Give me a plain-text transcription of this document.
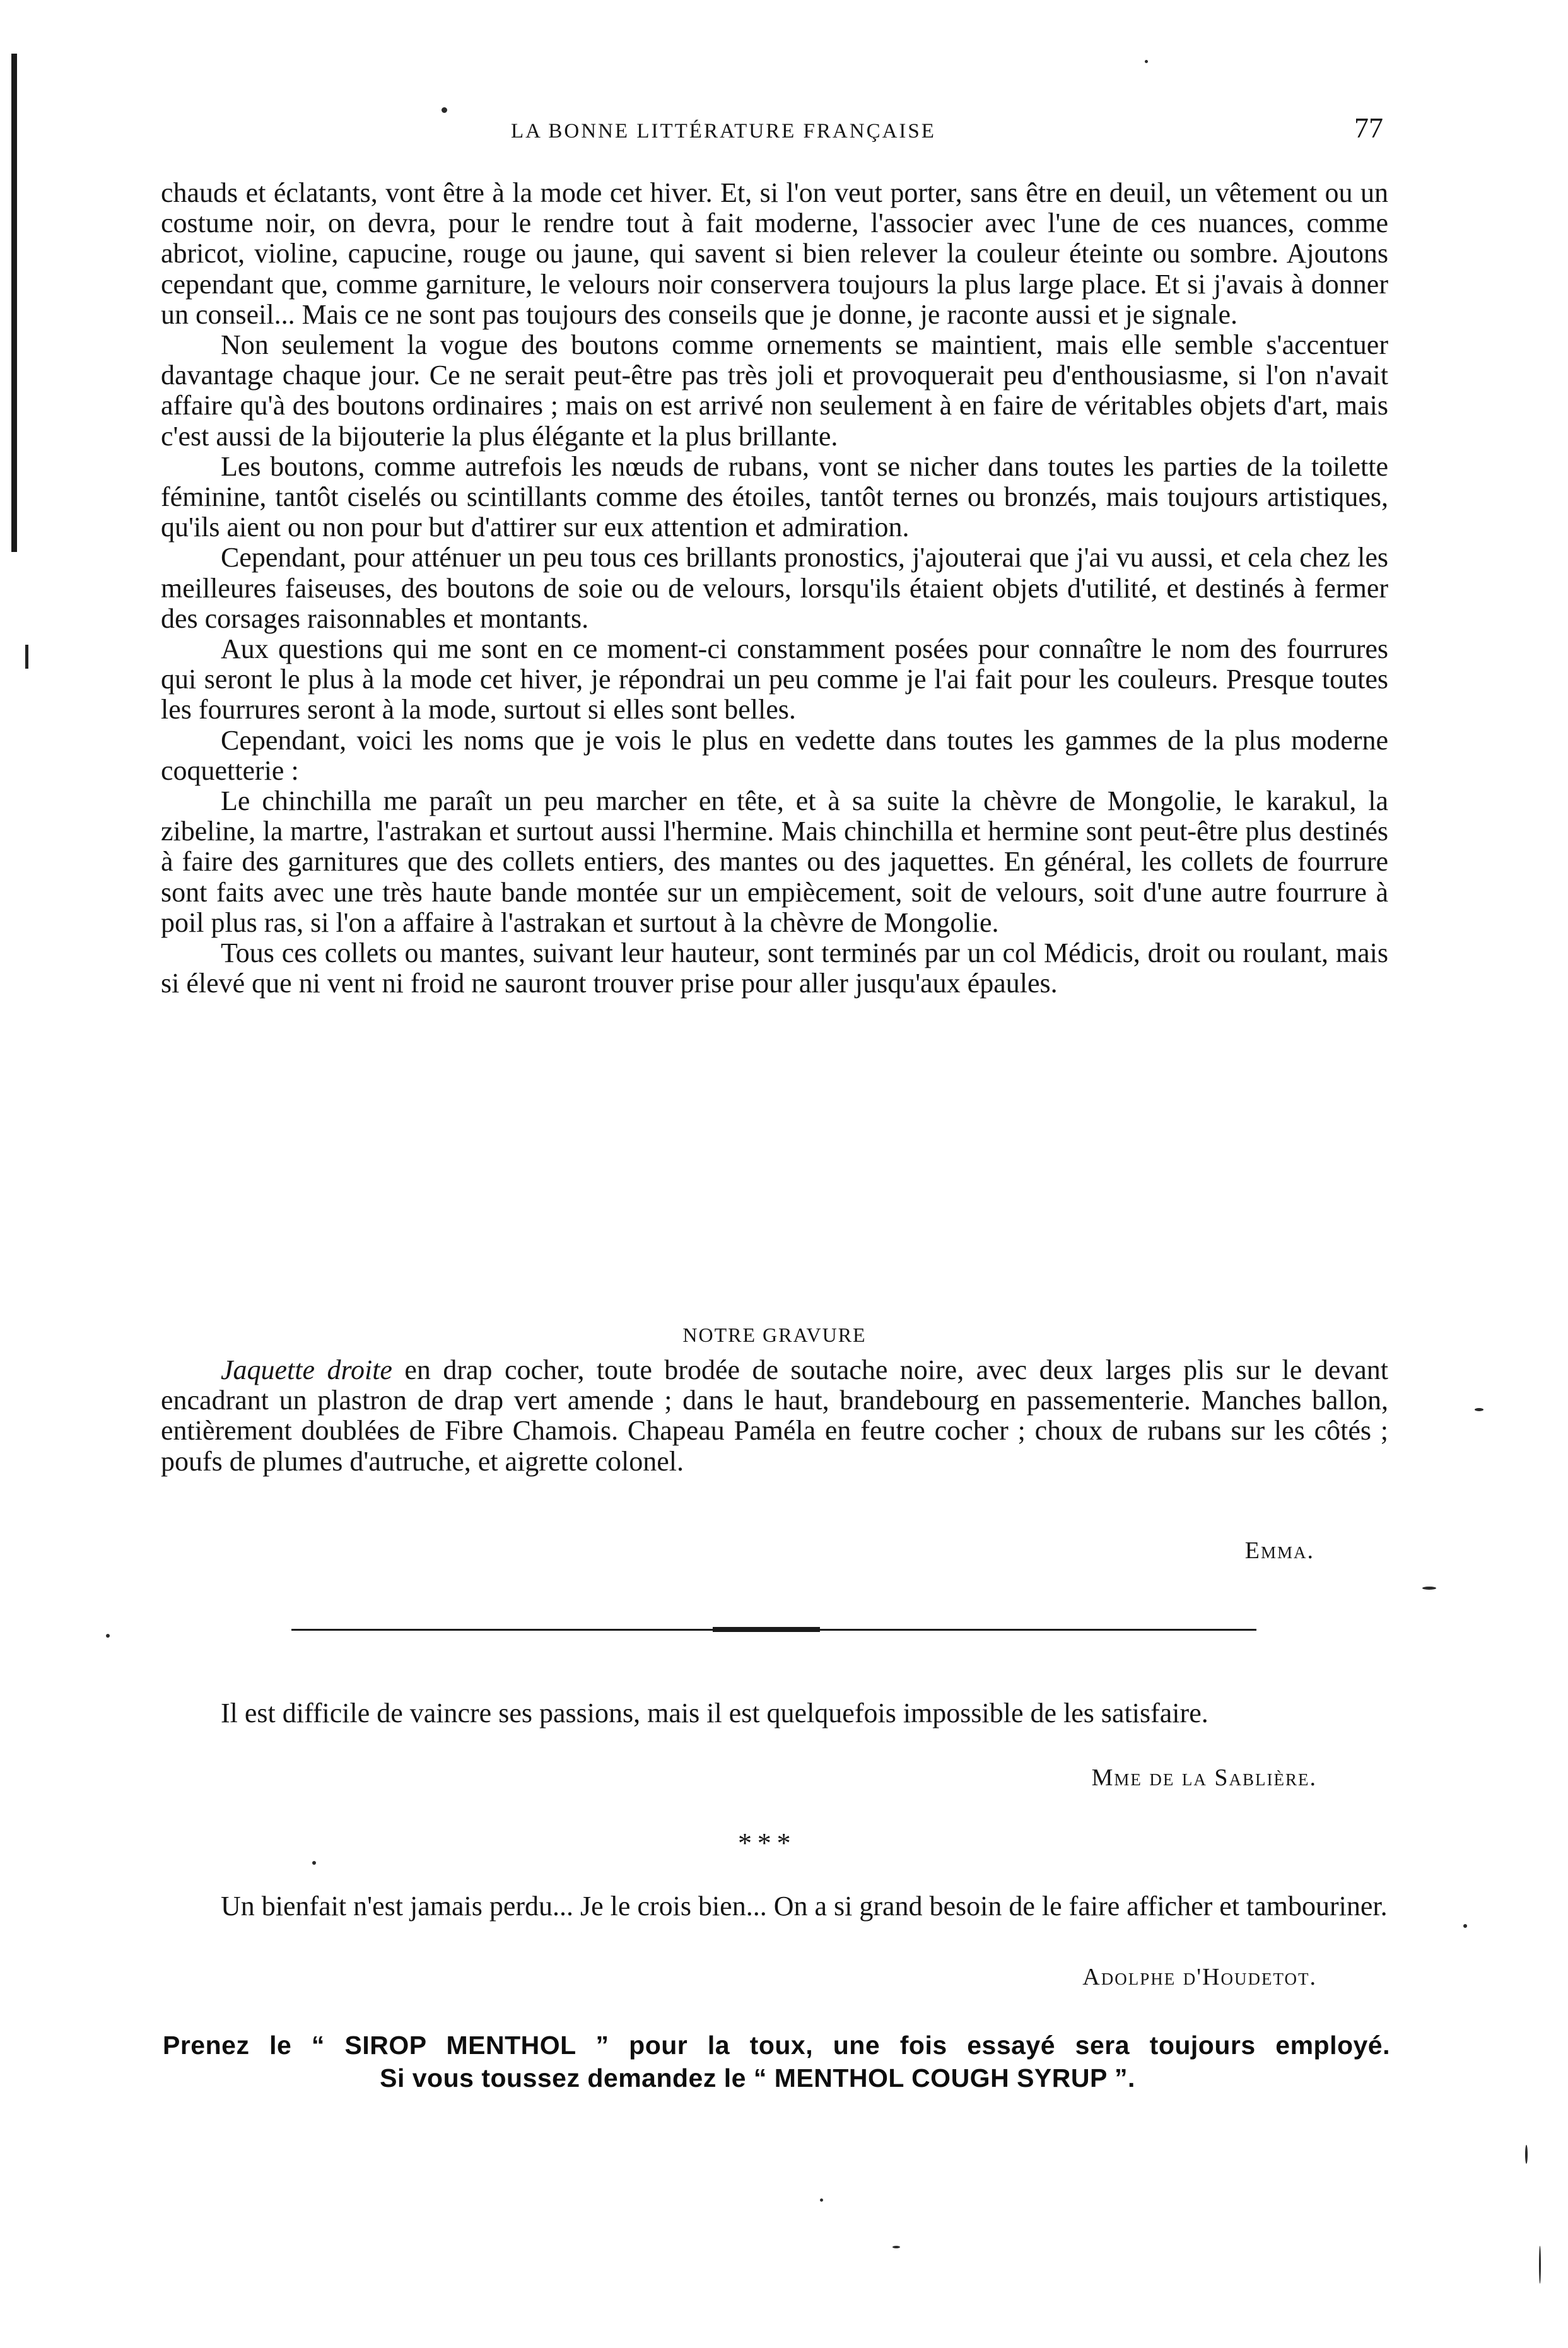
LA BONNE LITTÉRATURE FRANÇAISE	77

chauds et éclatants, vont être à la mode cet hiver. Et, si l'on veut porter, sans être en deuil, un vêtement ou un costume noir, on devra, pour le rendre tout à fait moderne, l'associer avec l'une de ces nuances, comme abricot, violine, capucine, rouge ou jaune, qui savent si bien relever la couleur éteinte ou sombre. Ajoutons cependant que, comme garniture, le velours noir conservera toujours la plus large place. Et si j'avais à donner un conseil... Mais ce ne sont pas toujours des conseils que je donne, je raconte aussi et je signale.

Non seulement la vogue des boutons comme ornements se maintient, mais elle semble s'accentuer davantage chaque jour. Ce ne serait peut-être pas très joli et provoquerait peu d'enthousiasme, si l'on n'avait affaire qu'à des boutons ordinaires ; mais on est arrivé non seulement à en faire de véritables objets d'art, mais c'est aussi de la bijouterie la plus élégante et la plus brillante.

Les boutons, comme autrefois les nœuds de rubans, vont se nicher dans toutes les parties de la toilette féminine, tantôt ciselés ou scintillants comme des étoiles, tantôt ternes ou bronzés, mais toujours artistiques, qu'ils aient ou non pour but d'attirer sur eux attention et admiration.

Cependant, pour atténuer un peu tous ces brillants pronostics, j'ajouterai que j'ai vu aussi, et cela chez les meilleures faiseuses, des boutons de soie ou de velours, lorsqu'ils étaient objets d'utilité, et destinés à fermer des corsages raisonnables et montants.

Aux questions qui me sont en ce moment-ci constamment posées pour connaître le nom des fourrures qui seront le plus à la mode cet hiver, je répondrai un peu comme je l'ai fait pour les couleurs. Presque toutes les fourrures seront à la mode, surtout si elles sont belles.

Cependant, voici les noms que je vois le plus en vedette dans toutes les gammes de la plus moderne coquetterie :

Le chinchilla me paraît un peu marcher en tête, et à sa suite la chèvre de Mongolie, le karakul, la zibeline, la martre, l'astrakan et surtout aussi l'hermine. Mais chinchilla et hermine sont peut-être plus destinés à faire des garnitures que des collets entiers, des mantes ou des jaquettes. En général, les collets de fourrure sont faits avec une très haute bande montée sur un empiècement, soit de velours, soit d'une autre fourrure à poil plus ras, si l'on a affaire à l'astrakan et surtout à la chèvre de Mongolie.

Tous ces collets ou mantes, suivant leur hauteur, sont terminés par un col Médicis, droit ou roulant, mais si élevé que ni vent ni froid ne sauront trouver prise pour aller jusqu'aux épaules.

NOTRE GRAVURE

Jaquette droite en drap cocher, toute brodée de soutache noire, avec deux larges plis sur le devant encadrant un plastron de drap vert amende ; dans le haut, brandebourg en passementerie. Manches ballon, entièrement doublées de Fibre Chamois. Chapeau Paméla en feutre cocher ; choux de rubans sur les côtés ; poufs de plumes d'autruche, et aigrette colonel.

Emma.

Il est difficile de vaincre ses passions, mais il est quelquefois impossible de les satisfaire.

Mme de la Sablière.
* * *

Un bienfait n'est jamais perdu... Je le crois bien... On a si grand besoin de le faire afficher et tambouriner.

Adolphe d'Houdetot.
Prenez le “ SIROP MENTHOL ” pour la toux, une fois essayé sera toujours employé.
Si vous toussez demandez le “ MENTHOL COUGH SYRUP ”.
